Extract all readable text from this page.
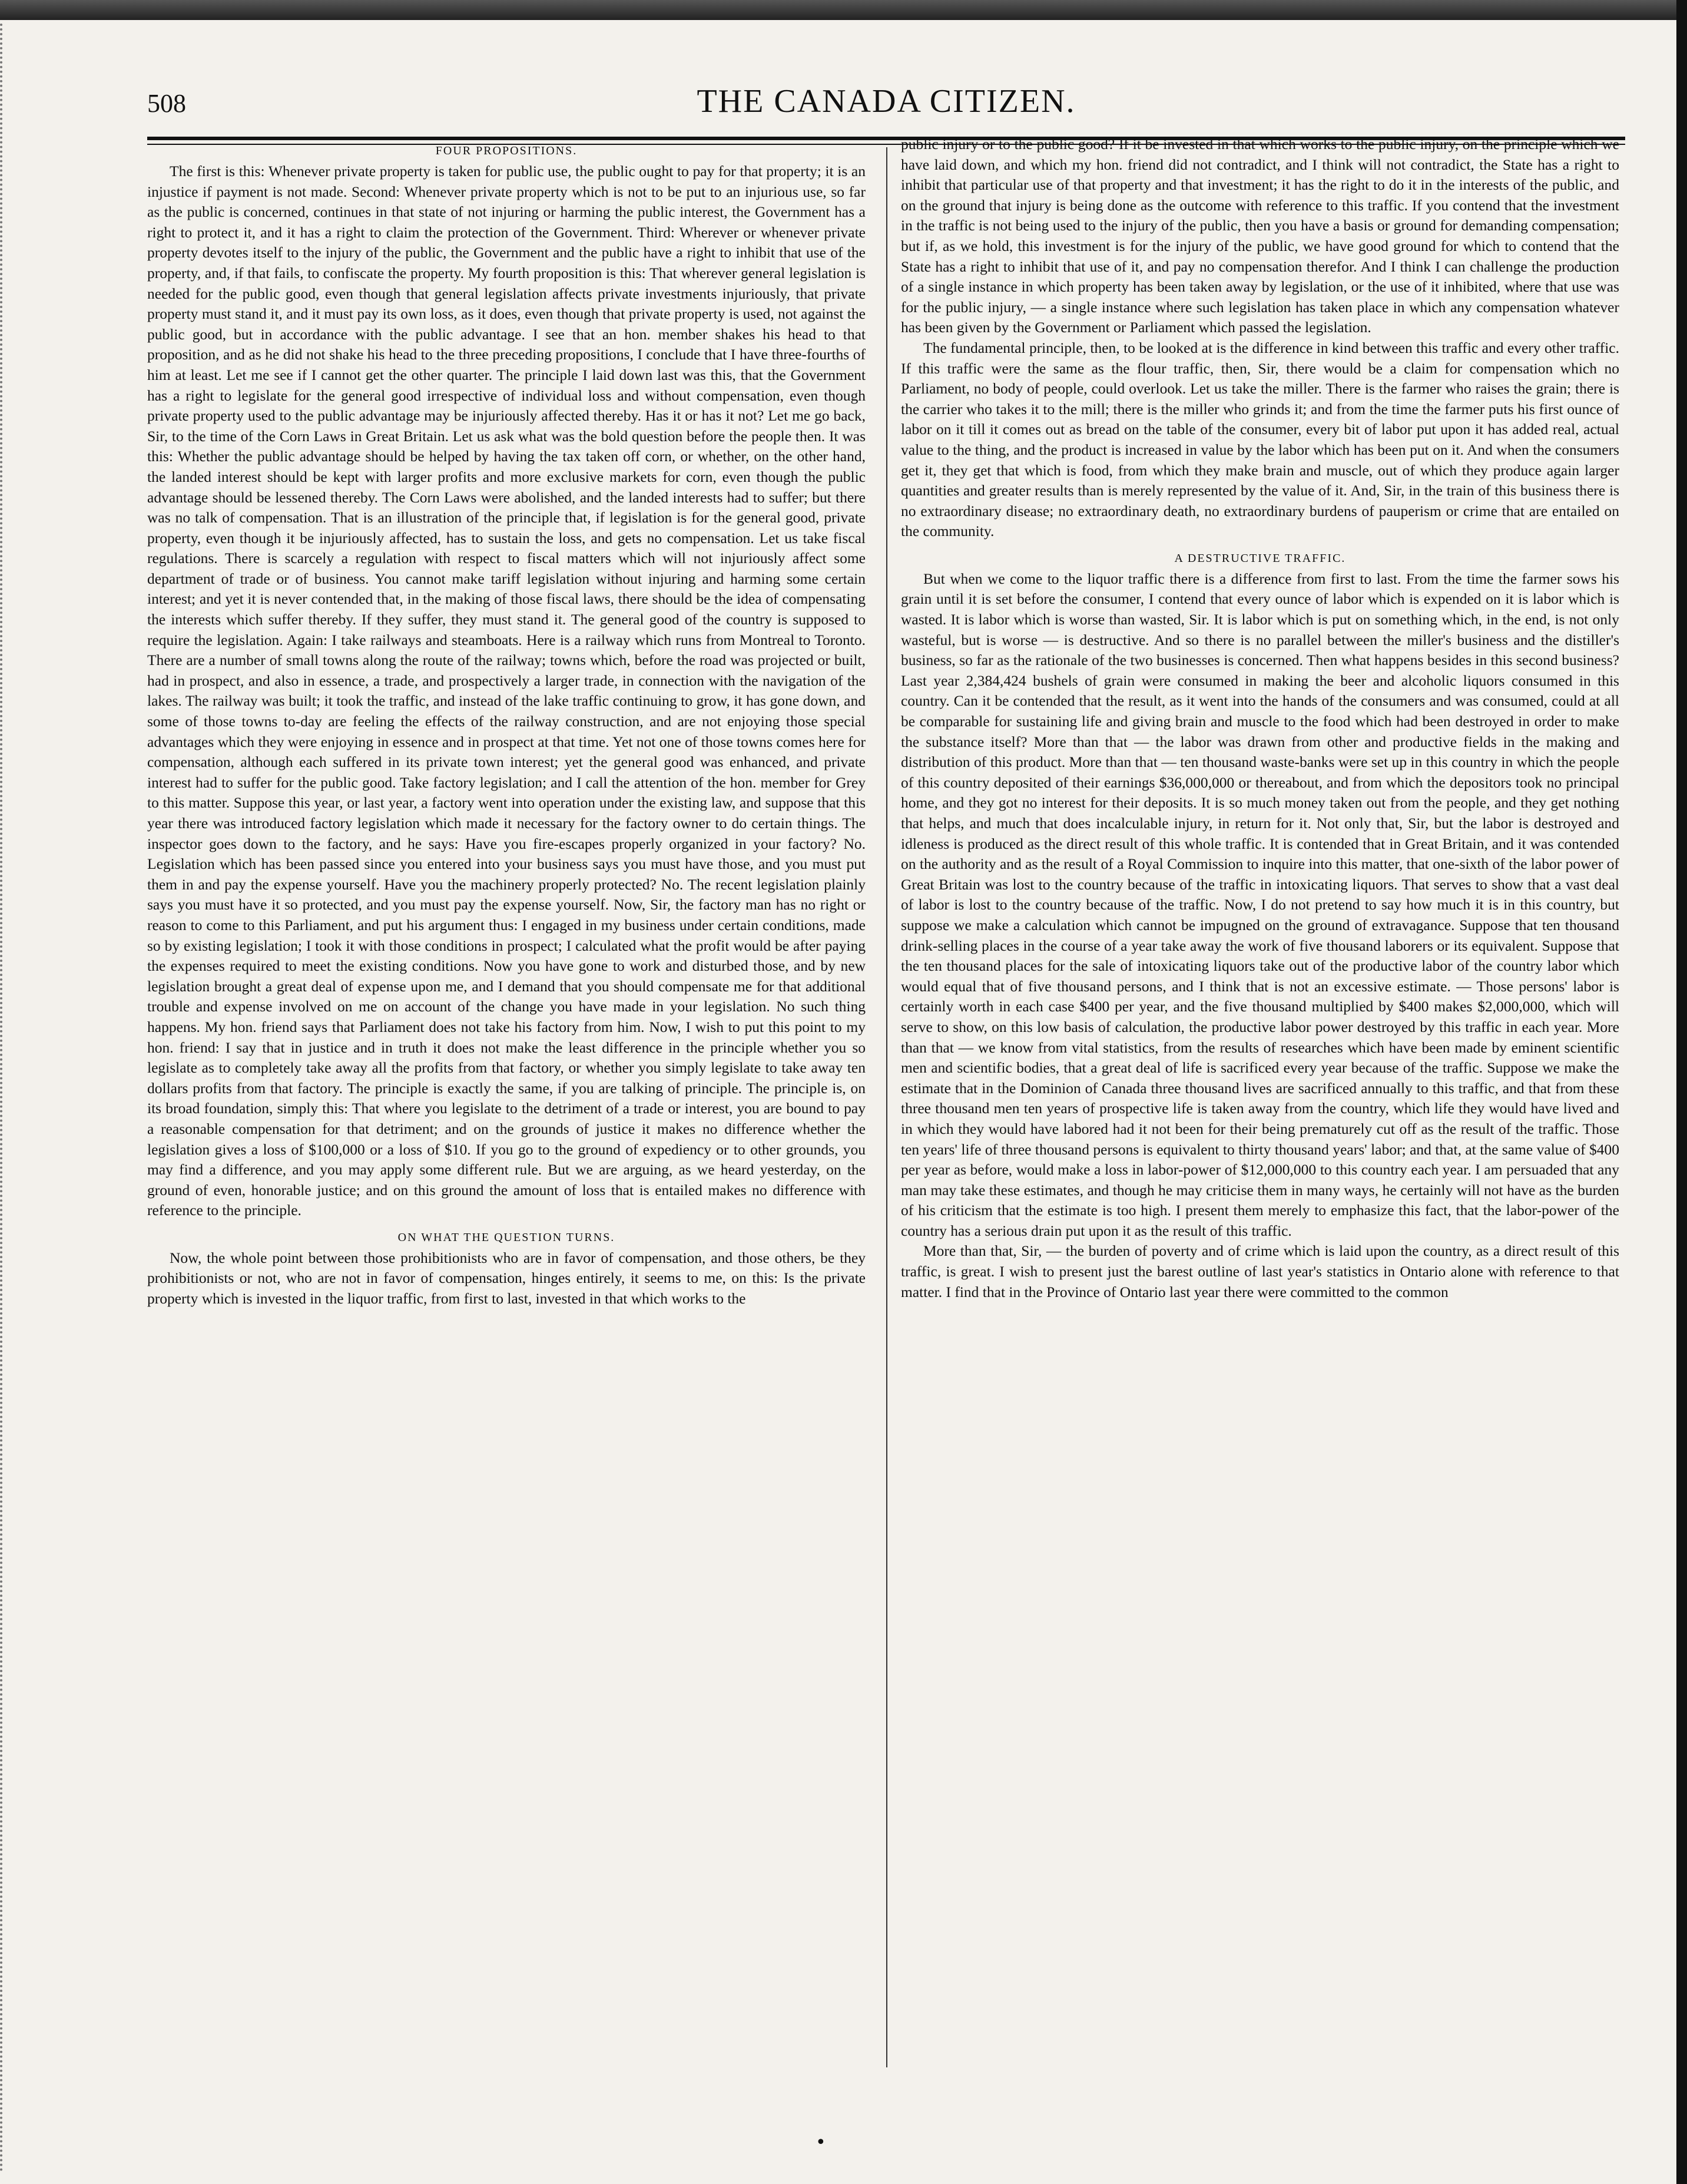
508	THE CANADA CITIZEN.
FOUR PROPOSITIONS.

The first is this: Whenever private property is taken for public use, the public ought to pay for that property; it is an injustice if payment is not made. Second: Whenever private property which is not to be put to an injurious use, so far as the public is concerned, continues in that state of not injuring or harming the public interest, the Government has a right to protect it, and it has a right to claim the protection of the Government. Third: Wherever or whenever private property devotes itself to the injury of the public, the Government and the public have a right to inhibit that use of the property, and, if that fails, to confiscate the property. My fourth proposition is this: That wherever general legislation is needed for the public good, even though that general legislation affects private investments injuriously, that private property must stand it, and it must pay its own loss, as it does, even though that private property is used, not against the public good, but in accordance with the public advantage. I see that an hon. member shakes his head to that proposition, and as he did not shake his head to the three preceding propositions, I conclude that I have three-fourths of him at least. Let me see if I cannot get the other quarter. The principle I laid down last was this, that the Government has a right to legislate for the general good irrespective of individual loss and without compensation, even though private property used to the public advantage may be injuriously affected thereby. Has it or has it not? Let me go back, Sir, to the time of the Corn Laws in Great Britain. Let us ask what was the bold question before the people then. It was this: Whether the public advantage should be helped by having the tax taken off corn, or whether, on the other hand, the landed interest should be kept with larger profits and more exclusive markets for corn, even though the public advantage should be lessened thereby. The Corn Laws were abolished, and the landed interests had to suffer; but there was no talk of compensation. That is an illustration of the principle that, if legislation is for the general good, private property, even though it be injuriously affected, has to sustain the loss, and gets no compensation. Let us take fiscal regulations. There is scarcely a regulation with respect to fiscal matters which will not injuriously affect some department of trade or of business. You cannot make tariff legislation without injuring and harming some certain interest; and yet it is never contended that, in the making of those fiscal laws, there should be the idea of compensating the interests which suffer thereby. If they suffer, they must stand it. The general good of the country is supposed to require the legislation. Again: I take railways and steamboats. Here is a railway which runs from Montreal to Toronto. There are a number of small towns along the route of the railway; towns which, before the road was projected or built, had in prospect, and also in essence, a trade, and prospectively a larger trade, in connection with the navigation of the lakes. The railway was built; it took the traffic, and instead of the lake traffic continuing to grow, it has gone down, and some of those towns to-day are feeling the effects of the railway construction, and are not enjoying those special advantages which they were enjoying in essence and in prospect at that time. Yet not one of those towns comes here for compensation, although each suffered in its private town interest; yet the general good was enhanced, and private interest had to suffer for the public good. Take factory legislation; and I call the attention of the hon. member for Grey to this matter. Suppose this year, or last year, a factory went into operation under the existing law, and suppose that this year there was introduced factory legislation which made it necessary for the factory owner to do certain things. The inspector goes down to the factory, and he says: Have you fire-escapes properly organized in your factory? No. Legislation which has been passed since you entered into your business says you must have those, and you must put them in and pay the expense yourself. Have you the machinery properly protected? No. The recent legislation plainly says you must have it so protected, and you must pay the expense yourself. Now, Sir, the factory man has no right or reason to come to this Parliament, and put his argument thus: I engaged in my business under certain conditions, made so by existing legislation; I took it with those conditions in prospect; I calculated what the profit would be after paying the expenses required to meet the existing conditions. Now you have gone to work and disturbed those, and by new legislation brought a great deal of expense upon me, and I demand that you should compensate me for that additional trouble and expense involved on me on account of the change you have made in your legislation. No such thing happens. My hon. friend says that Parliament does not take his factory from him. Now, I wish to put this point to my hon. friend: I say that in justice and in truth it does not make the least difference in the principle whether you so legislate as to completely take away all the profits from that factory, or whether you simply legislate to take away ten dollars profits from that factory. The principle is exactly the same, if you are talking of principle. The principle is, on its broad foundation, simply this: That where you legislate to the detriment of a trade or interest, you are bound to pay a reasonable compensation for that detriment; and on the grounds of justice it makes no difference whether the legislation gives a loss of $100,000 or a loss of $10. If you go to the ground of expediency or to other grounds, you may find a difference, and you may apply some different rule. But we are arguing, as we heard yesterday, on the ground of even, honorable justice; and on this ground the amount of loss that is entailed makes no difference with reference to the principle.

ON WHAT THE QUESTION TURNS.

Now, the whole point between those prohibitionists who are in favor of compensation, and those others, be they prohibitionists or not, who are not in favor of compensation, hinges entirely, it seems to me, on this: Is the private property which is invested in the liquor traffic, from first to last, invested in that which works to the

public injury or to the public good? If it be invested in that which works to the public injury, on the principle which we have laid down, and which my hon. friend did not contradict, and I think will not contradict, the State has a right to inhibit that particular use of that property and that investment; it has the right to do it in the interests of the public, and on the ground that injury is being done as the outcome with reference to this traffic. If you contend that the investment in the traffic is not being used to the injury of the public, then you have a basis or ground for demanding compensation; but if, as we hold, this investment is for the injury of the public, we have good ground for which to contend that the State has a right to inhibit that use of it, and pay no compensation therefor. And I think I can challenge the production of a single instance in which property has been taken away by legislation, or the use of it inhibited, where that use was for the public injury, — a single instance where such legislation has taken place in which any compensation whatever has been given by the Government or Parliament which passed the legislation.

The fundamental principle, then, to be looked at is the difference in kind between this traffic and every other traffic. If this traffic were the same as the flour traffic, then, Sir, there would be a claim for compensation which no Parliament, no body of people, could overlook. Let us take the miller. There is the farmer who raises the grain; there is the carrier who takes it to the mill; there is the miller who grinds it; and from the time the farmer puts his first ounce of labor on it till it comes out as bread on the table of the consumer, every bit of labor put upon it has added real, actual value to the thing, and the product is increased in value by the labor which has been put on it. And when the consumers get it, they get that which is food, from which they make brain and muscle, out of which they produce again larger quantities and greater results than is merely represented by the value of it. And, Sir, in the train of this business there is no extraordinary disease; no extraordinary death, no extraordinary burdens of pauperism or crime that are entailed on the community.

A DESTRUCTIVE TRAFFIC.

But when we come to the liquor traffic there is a difference from first to last. From the time the farmer sows his grain until it is set before the consumer, I contend that every ounce of labor which is expended on it is labor which is wasted. It is labor which is worse than wasted, Sir. It is labor which is put on something which, in the end, is not only wasteful, but is worse — is destructive. And so there is no parallel between the miller's business and the distiller's business, so far as the rationale of the two businesses is concerned. Then what happens besides in this second business? Last year 2,384,424 bushels of grain were consumed in making the beer and alcoholic liquors consumed in this country. Can it be contended that the result, as it went into the hands of the consumers and was consumed, could at all be comparable for sustaining life and giving brain and muscle to the food which had been destroyed in order to make the substance itself? More than that — the labor was drawn from other and productive fields in the making and distribution of this product. More than that — ten thousand waste-banks were set up in this country in which the people of this country deposited of their earnings $36,000,000 or thereabout, and from which the depositors took no principal home, and they got no interest for their deposits. It is so much money taken out from the people, and they get nothing that helps, and much that does incalculable injury, in return for it. Not only that, Sir, but the labor is destroyed and idleness is produced as the direct result of this whole traffic. It is contended that in Great Britain, and it was contended on the authority and as the result of a Royal Commission to inquire into this matter, that one-sixth of the labor power of Great Britain was lost to the country because of the traffic in intoxicating liquors. That serves to show that a vast deal of labor is lost to the country because of the traffic. Now, I do not pretend to say how much it is in this country, but suppose we make a calculation which cannot be impugned on the ground of extravagance. Suppose that ten thousand drink-selling places in the course of a year take away the work of five thousand laborers or its equivalent. Suppose that the ten thousand places for the sale of intoxicating liquors take out of the productive labor of the country labor which would equal that of five thousand persons, and I think that is not an excessive estimate. — Those persons' labor is certainly worth in each case $400 per year, and the five thousand multiplied by $400 makes $2,000,000, which will serve to show, on this low basis of calculation, the productive labor power destroyed by this traffic in each year. More than that — we know from vital statistics, from the results of researches which have been made by eminent scientific men and scientific bodies, that a great deal of life is sacrificed every year because of the traffic. Suppose we make the estimate that in the Dominion of Canada three thousand lives are sacrificed annually to this traffic, and that from these three thousand men ten years of prospective life is taken away from the country, which life they would have lived and in which they would have labored had it not been for their being prematurely cut off as the result of the traffic. Those ten years' life of three thousand persons is equivalent to thirty thousand years' labor; and that, at the same value of $400 per year as before, would make a loss in labor-power of $12,000,000 to this country each year. I am persuaded that any man may take these estimates, and though he may criticise them in many ways, he certainly will not have as the burden of his criticism that the estimate is too high. I present them merely to emphasize this fact, that the labor-power of the country has a serious drain put upon it as the result of this traffic.

More than that, Sir, — the burden of poverty and of crime which is laid upon the country, as a direct result of this traffic, is great. I wish to present just the barest outline of last year's statistics in Ontario alone with reference to that matter. I find that in the Province of Ontario last year there were committed to the common

•
